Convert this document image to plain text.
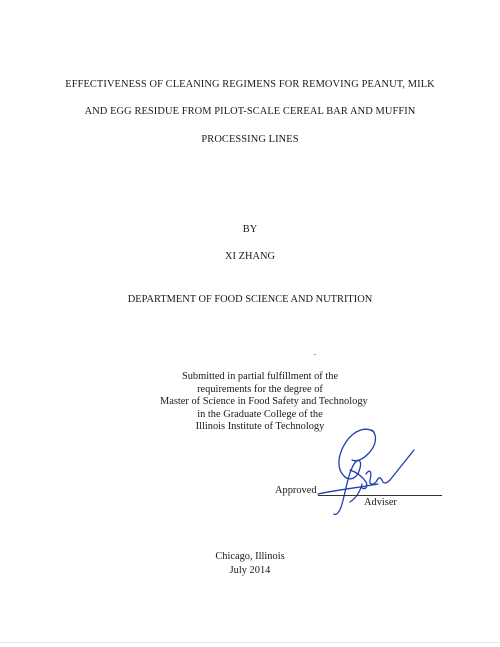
EFFECTIVENESS OF CLEANING REGIMENS FOR REMOVING PEANUT, MILK
AND EGG RESIDUE FROM PILOT-SCALE CEREAL BAR AND MUFFIN
PROCESSING LINES
BY
XI ZHANG
DEPARTMENT OF FOOD SCIENCE AND NUTRITION
Submitted in partial fulfillment of the
requirements for the degree of
Master of Science in Food Safety and Technology
in the Graduate College of the
Illinois Institute of Technology
Approved
Adviser
Chicago, Illinois
July 2014
